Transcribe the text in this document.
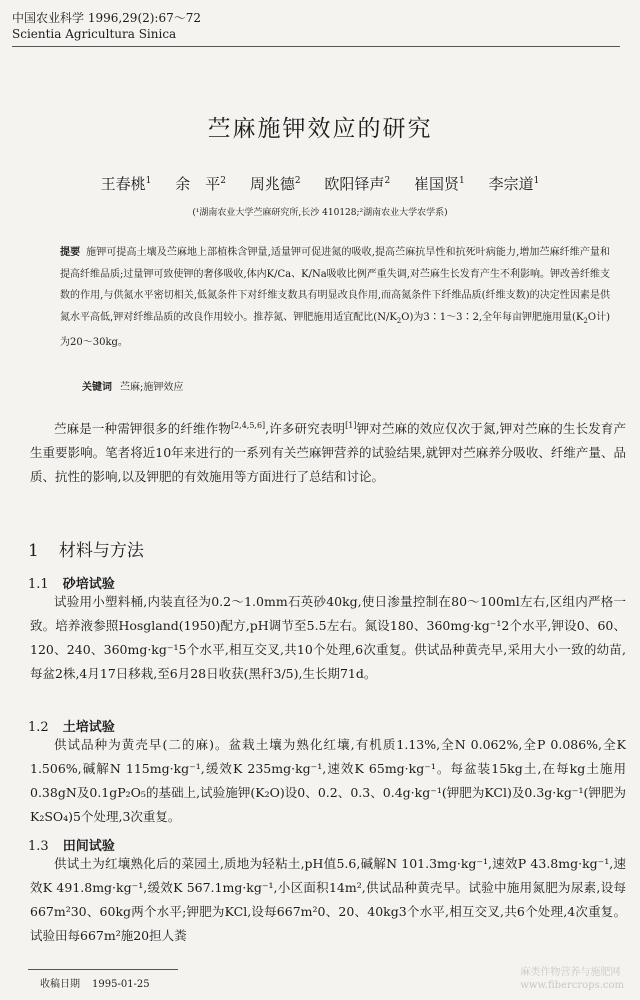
中国农业科学 1996,29(2):67～72
Scientia Agricultura Sinica
苎麻施钾效应的研究
王春桃$^1$ 余　平$^2$ 周兆德$^2$ 欧阳铎声$^2$ 崔国贤$^1$ 李宗道$^1$
(¹湖南农业大学苎麻研究所,长沙 410128;²湖南农业大学农学系)
提要 施钾可提高土壤及苎麻地上部植株含钾量,适量钾可促进氮的吸收,提高苎麻抗旱性和抗死叶病能力,增加苎麻纤维产量和提高纤维品质;过量钾可致使钾的奢侈吸收,体内K/Ca、K/Na吸收比例严重失调,对苎麻生长发育产生不利影响。钾改善纤维支数的作用,与供氮水平密切相关,低氮条件下对纤维支数具有明显改良作用,而高氮条件下纤维品质(纤维支数)的决定性因素是供氮水平高低,钾对纤维品质的改良作用较小。推荐氮、钾肥施用适宜配比$(N/K_2O)$为3∶1～3∶2,全年每亩钾肥施用量($K_2O$计)为20～30kg。
关键词 苎麻;施钾效应
苎麻是一种需钾很多的纤维作物[2,4,5,6],许多研究表明[1]钾对苎麻的效应仅次于氮,钾对苎麻的生长发育产生重要影响。笔者将近10年来进行的一系列有关苎麻钾营养的试验结果,就钾对苎麻养分吸收、纤维产量、品质、抗性的影响,以及钾肥的有效施用等方面进行了总结和讨论。
1 材料与方法
1.1 砂培试验
试验用小塑料桶,内装直径为0.2～1.0mm石英砂40kg,使日渗量控制在80～100ml左右,区组内严格一致。培养液参照Hosgland(1950)配方,pH调节至5.5左右。氮设180、360mg·kg⁻¹2个水平,钾设0、60、120、240、360mg·kg⁻¹5个水平,相互交叉,共10个处理,6次重复。供试品种黄壳早,采用大小一致的幼苗,每盆2株,4月17日移栽,至6月28日收获(黑秆3/5),生长期71d。
1.2 土培试验
供试品种为黄壳早(二的麻)。盆栽土壤为熟化红壤,有机质1.13%,全N 0.062%,全P 0.086%,全K 1.506%,碱解N 115mg·kg⁻¹,缓效K 235mg·kg⁻¹,速效K 65mg·kg⁻¹。每盆装15kg土,在每kg土施用0.38gN及0.1gP₂O₅的基础上,试验施钾(K₂O)设0、0.2、0.3、0.4g·kg⁻¹(钾肥为KCl)及0.3g·kg⁻¹(钾肥为K₂SO₄)5个处理,3次重复。
1.3 田间试验
供试土为红壤熟化后的菜园土,质地为轻粘土,pH值5.6,碱解N 101.3mg·kg⁻¹,速效P 43.8mg·kg⁻¹,速效K 491.8mg·kg⁻¹,缓效K 567.1mg·kg⁻¹,小区面积14m²,供试品种黄壳早。试验中施用氮肥为尿素,设每667m²30、60kg两个水平;钾肥为KCl,设每667m²0、20、40kg3个水平,相互交叉,共6个处理,4次重复。试验田每667m²施20担人粪
收稿日期 1995-01-25
麻类作物营养与施肥网
www.fibercrops.com
